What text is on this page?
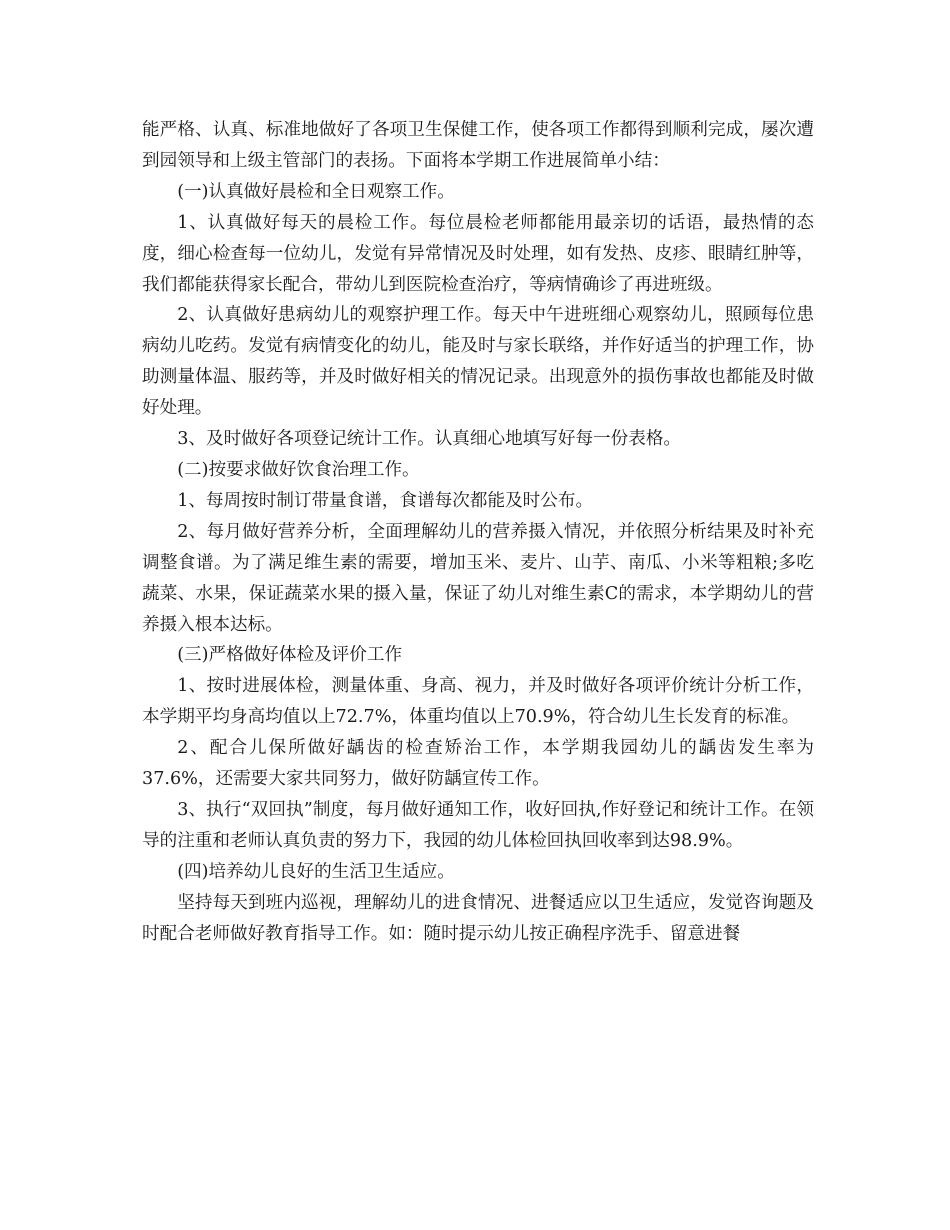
能严格、认真、标准地做好了各项卫生保健工作，使各项工作都得到顺利完成，屡次遭到园领导和上级主管部门的表扬。下面将本学期工作进展简单小结：

(一)认真做好晨检和全日观察工作。

1、认真做好每天的晨检工作。每位晨检老师都能用最亲切的话语，最热情的态度，细心检查每一位幼儿，发觉有异常情况及时处理，如有发热、皮疹、眼睛红肿等，我们都能获得家长配合，带幼儿到医院检查治疗，等病情确诊了再进班级。

2、认真做好患病幼儿的观察护理工作。每天中午进班细心观察幼儿，照顾每位患病幼儿吃药。发觉有病情变化的幼儿，能及时与家长联络，并作好适当的护理工作，协助测量体温、服药等，并及时做好相关的情况记录。出现意外的损伤事故也都能及时做好处理。

3、及时做好各项登记统计工作。认真细心地填写好每一份表格。

(二)按要求做好饮食治理工作。

1、每周按时制订带量食谱，食谱每次都能及时公布。

2、每月做好营养分析，全面理解幼儿的营养摄入情况，并依照分析结果及时补充调整食谱。为了满足维生素的需要，增加玉米、麦片、山芋、南瓜、小米等粗粮;多吃蔬菜、水果，保证蔬菜水果的摄入量，保证了幼儿对维生素C的需求，本学期幼儿的营养摄入根本达标。

(三)严格做好体检及评价工作

1、按时进展体检，测量体重、身高、视力，并及时做好各项评价统计分析工作，本学期平均身高均值以上72.7%，体重均值以上70.9%，符合幼儿生长发育的标准。

2、配合儿保所做好龋齿的检查矫治工作，本学期我园幼儿的龋齿发生率为37.6%，还需要大家共同努力，做好防龋宣传工作。

3、执行“双回执”制度，每月做好通知工作，收好回执,作好登记和统计工作。在领导的注重和老师认真负责的努力下，我园的幼儿体检回执回收率到达98.9%。

(四)培养幼儿良好的生活卫生适应。

坚持每天到班内巡视，理解幼儿的进食情况、进餐适应以卫生适应，发觉咨询题及时配合老师做好教育指导工作。如：随时提示幼儿按正确程序洗手、留意进餐
